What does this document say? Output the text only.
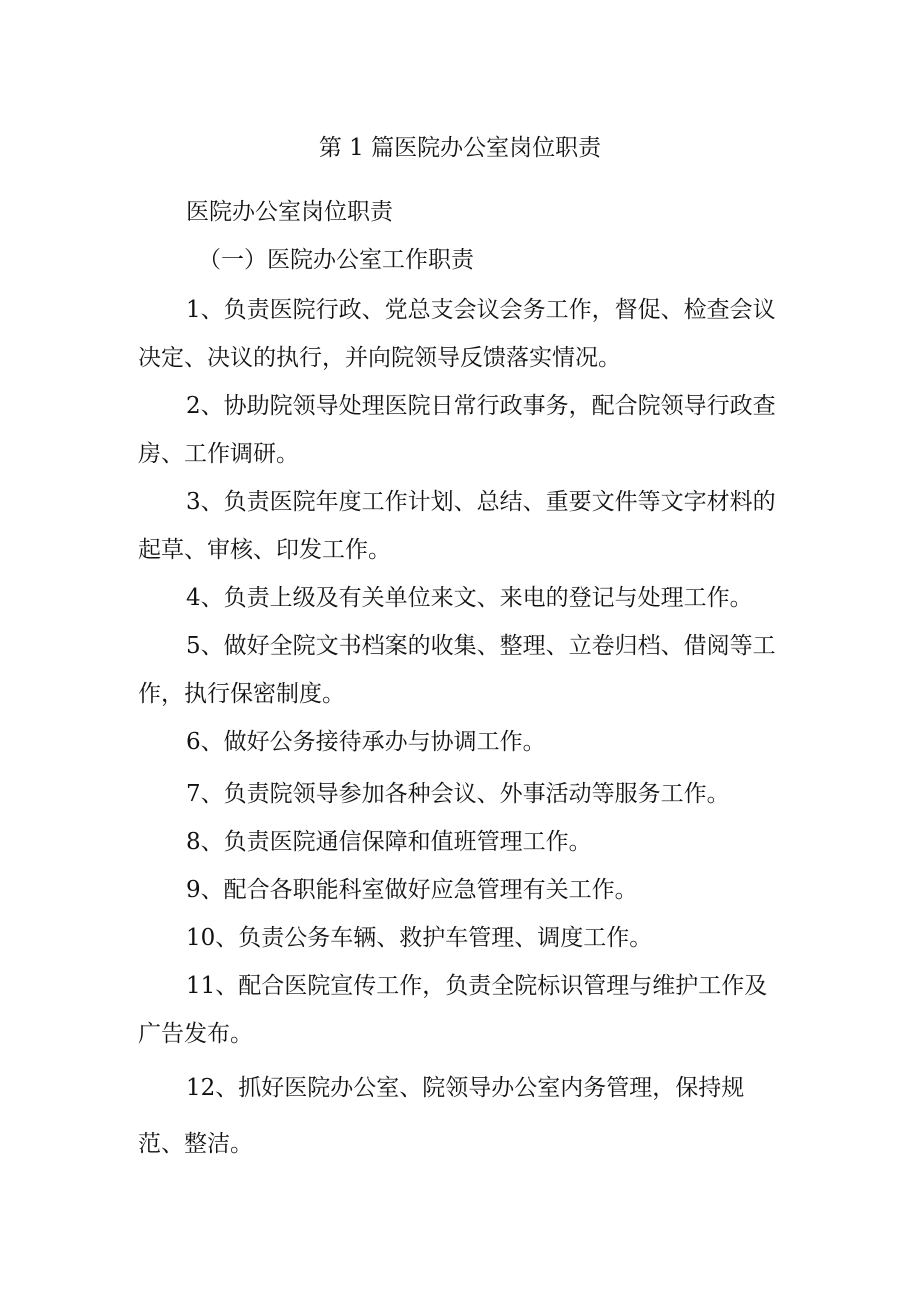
第 1 篇医院办公室岗位职责

医院办公室岗位职责

（一）医院办公室工作职责

1、负责医院行政、党总支会议会务工作，督促、检查会议决定、决议的执行，并向院领导反馈落实情况。

2、协助院领导处理医院日常行政事务，配合院领导行政查房、工作调研。

3、负责医院年度工作计划、总结、重要文件等文字材料的起草、审核、印发工作。

4、负责上级及有关单位来文、来电的登记与处理工作。

5、做好全院文书档案的收集、整理、立卷归档、借阅等工作，执行保密制度。

6、做好公务接待承办与协调工作。

7、负责院领导参加各种会议、外事活动等服务工作。

8、负责医院通信保障和值班管理工作。

9、配合各职能科室做好应急管理有关工作。

10、负责公务车辆、救护车管理、调度工作。

11、配合医院宣传工作，负责全院标识管理与维护工作及广告发布。

12、抓好医院办公室、院领导办公室内务管理，保持规范、整洁。
